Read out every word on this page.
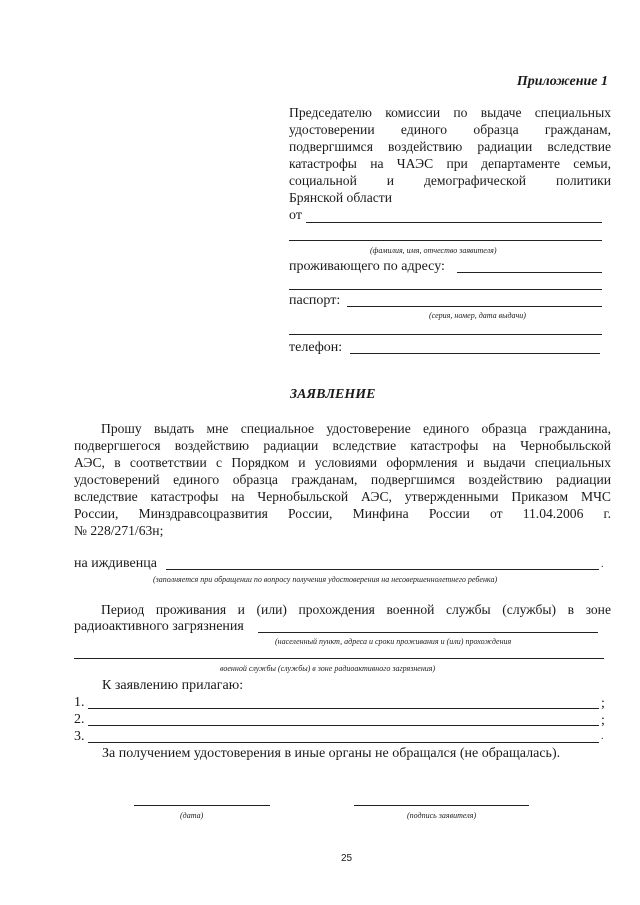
Приложение 1
Председателю комиссии по выдаче специальных
удостоверении единого образца гражданам,
подвергшимся воздействию радиации вследствие
катастрофы на ЧАЭС при департаменте семьи,
социальной и демографической политики
Брянской области
от
(фамилия, имя, отчество заявителя)
проживающего по адресу:
паспорт:
(серия, номер, дата выдачи)
телефон:
ЗАЯВЛЕНИЕ
Прошу выдать мне специальное удостоверение единого образца гражданина,
подвергшегося воздействию радиации вследствие катастрофы на Чернобыльской
АЭС, в соответствии с Порядком и условиями оформления и выдачи специальных
удостоверений единого образца гражданам, подвергшимся воздействию радиации
вследствие катастрофы на Чернобыльской АЭС, утвержденными Приказом МЧС
России, Минздравсоцразвития России, Минфина России от 11.04.2006 г.
№ 228/271/63н;
на иждивенца	.
(заполняется при обращении по вопросу получения удостоверения на несовершеннолетнего ребенка)
Период проживания и (или) прохождения военной службы (службы) в зоне
радиоактивного загрязнения
(населенный пункт, адреса и сроки проживания и (или) прохождения
военной службы (службы) в зоне радиоактивного загрязнения)
К заявлению прилагаю:
1.	;
2.	;
3.	.
За получением удостоверения в иные органы не обращался (не обращалась).
(дата)	(подпись заявителя)
25
